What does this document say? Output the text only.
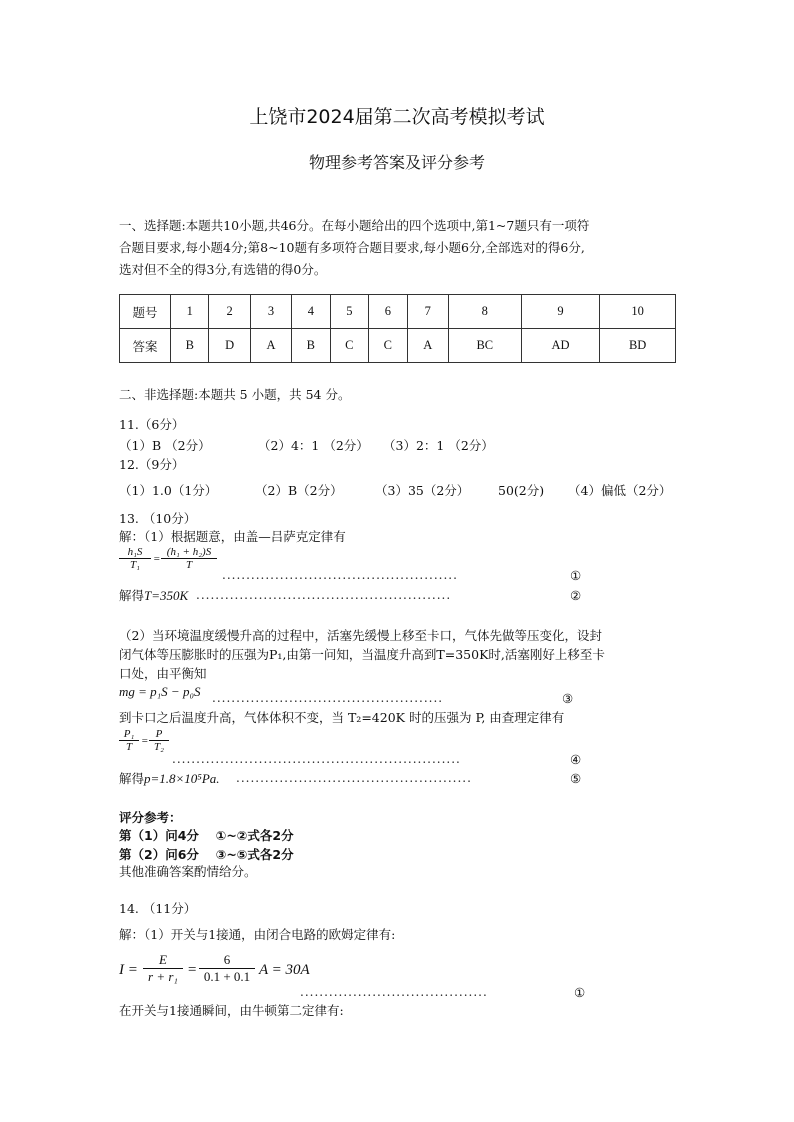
上饶市2024届第二次高考模拟考试
物理参考答案及评分参考
一、选择题:本题共10小题,共46分。在每小题给出的四个选项中,第1~7题只有一项符
合题目要求,每小题4分;第8~10题有多项符合题目要求,每小题6分,全部选对的得6分,
选对但不全的得3分,有选错的得0分。
题号	1	2	3	4	5	6	7	8	9	10
答案	B	D	A	B	C	C	A	BC	AD	BD
二、非选择题:本题共 5 小题，共 54 分。
11.（6分）
（1）B （2分）	（2）4：1 （2分） （3）2：1 （2分）
12.（9分）
（1）1.0（1分）	（2）B（2分）	（3）35（2分） 50(2分) （4）偏低（2分）
13. （10分）
解：（1）根据题意，由盖—吕萨克定律有
$\frac{\text{h₁S}}{\text{T₁}} = \frac{\text{(h₁ + h₂)S}}{T}$
.................................................	①
解得T=350K .....................................................	②
（2）当环境温度缓慢升高的过程中，活塞先缓慢上移至卡口，气体先做等压变化，设封
闭气体等压膨胀时的压强为P₁,由第一问知，当温度升高到T=350K时,活塞刚好上移至卡
口处，由平衡知
mg = p₁S − p₀S ................................................	③
到卡口之后温度升高，气体体积不变，当 T₂=420K 时的压强为 P, 由查理定律有
$\frac{\text{P₁}}{T} = \frac{P}{\text{T₂}}$
............................................................	④
解得p=1.8×10⁵Pa. .................................................	⑤
评分参考：
第（1）问4分　 ①~②式各2分
第（2）问6分　 ③~⑤式各2分
其他准确答案酌情给分。
14. （11分）
解：（1）开关与1接通，由闭合电路的欧姆定律有:
$I = \frac{E}{\text{r + r₁}} = \frac{6}{0.1 + 0.1}$ A = 30A
.......................................	①
在开关与1接通瞬间，由牛顿第二定律有:
